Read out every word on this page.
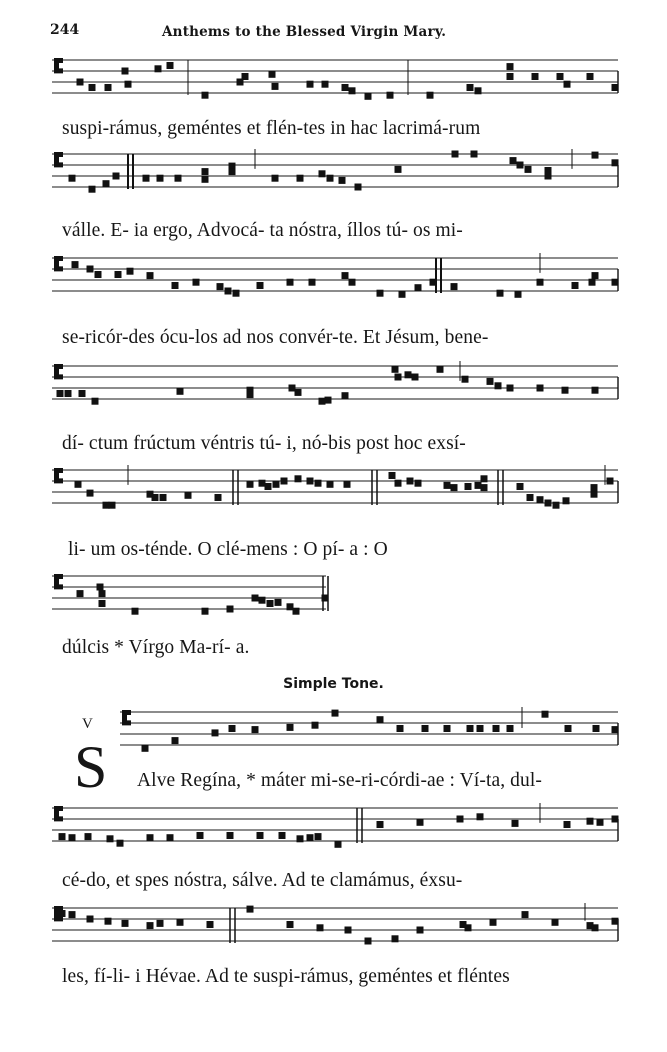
244	Anthems to the Blessed Virgin Mary.
suspi-rámus, geméntes et flén-tes in hac lacrimá-rum
válle. E- ia ergo, Advocá- ta nóstra, íllos tú- os mi-
se-ricór-des ócu-los ad nos convér-te. Et Jésum, bene-
dí- ctum frúctum véntris tú- i, nó-bis post hoc exsí-
li- um os-ténde. O clé-mens : O pí- a : O
dúlcis * Vírgo Ma-rí- a.
Alve Regína, * máter mi-se-ri-córdi-ae : Ví-ta, dul-
cé-do, et spes nóstra, sálve. Ad te clamámus, éxsu-
les, fí-li- i Hévae. Ad te suspi-rámus, geméntes et fléntes
Simple Tone.
V
S
